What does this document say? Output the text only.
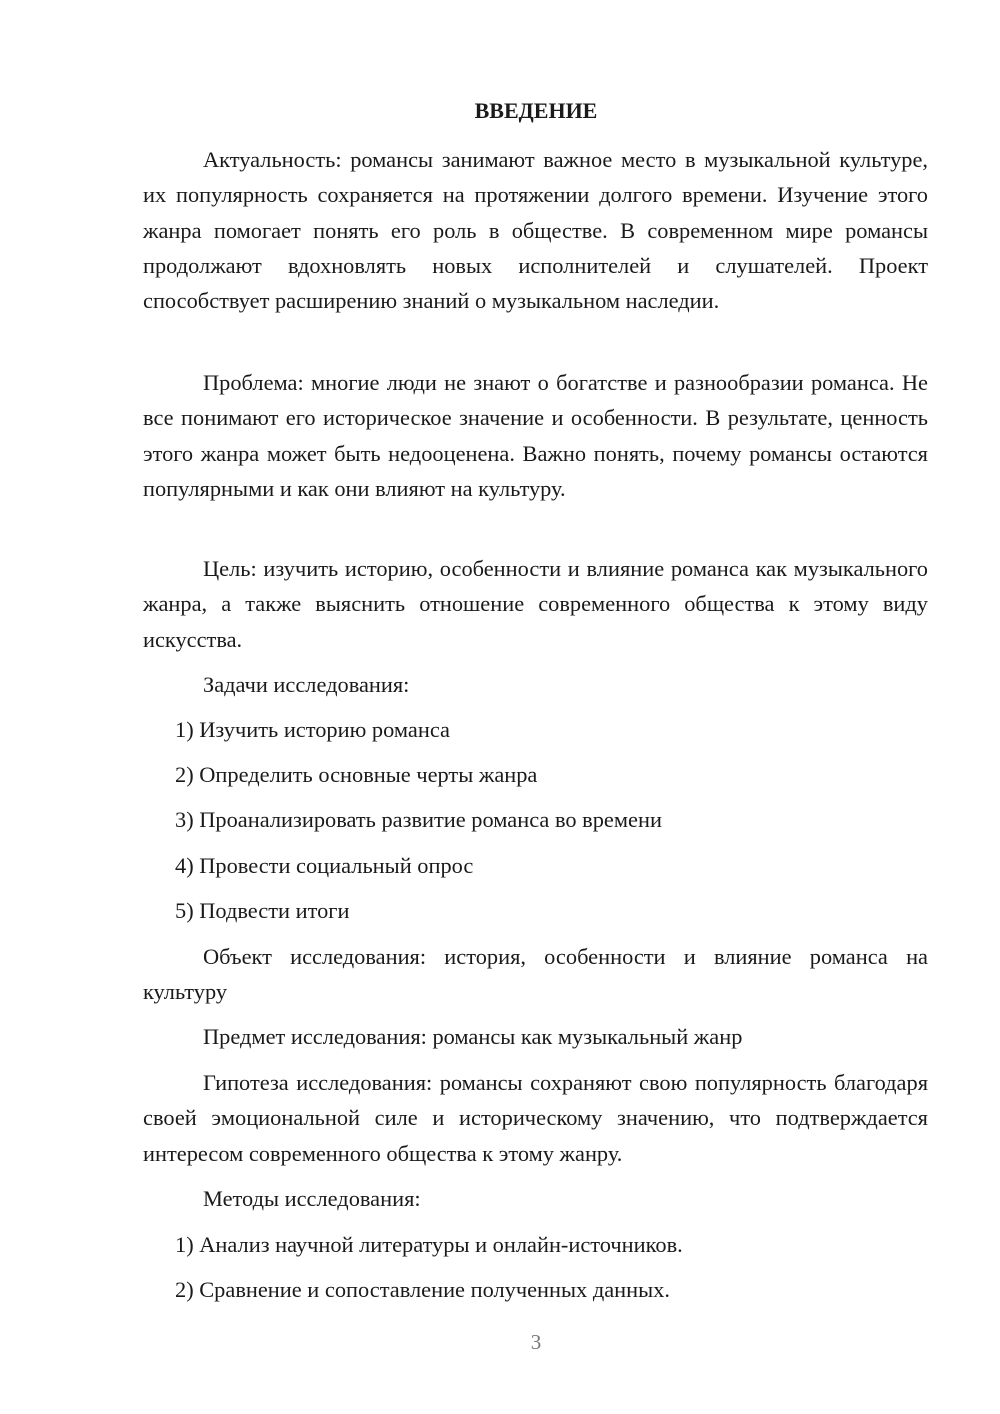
ВВЕДЕНИЕ

Актуальность: романсы занимают важное место в музыкальной культуре, их популярность сохраняется на протяжении долгого времени. Изучение этого жанра помогает понять его роль в обществе. В современном мире романсы продолжают вдохновлять новых исполнителей и слушателей. Проект способствует расширению знаний о музыкальном наследии.

Проблема: многие люди не знают о богатстве и разнообразии романса. Не все понимают его историческое значение и особенности. В результате, ценность этого жанра может быть недооценена. Важно понять, почему романсы остаются популярными и как они влияют на культуру.

Цель: изучить историю, особенности и влияние романса как музыкального жанра, а также выяснить отношение современного общества к этому виду искусства.

Задачи исследования:

1) Изучить историю романса

2) Определить основные черты жанра

3) Проанализировать развитие романса во времени

4) Провести социальный опрос

5) Подвести итоги

Объект исследования: история, особенности и влияние романса на культуру

Предмет исследования: романсы как музыкальный жанр

Гипотеза исследования: романсы сохраняют свою популярность благодаря своей эмоциональной силе и историческому значению, что подтверждается интересом современного общества к этому жанру.

Методы исследования:

1) Анализ научной литературы и онлайн-источников.

2) Сравнение и сопоставление полученных данных.

3
